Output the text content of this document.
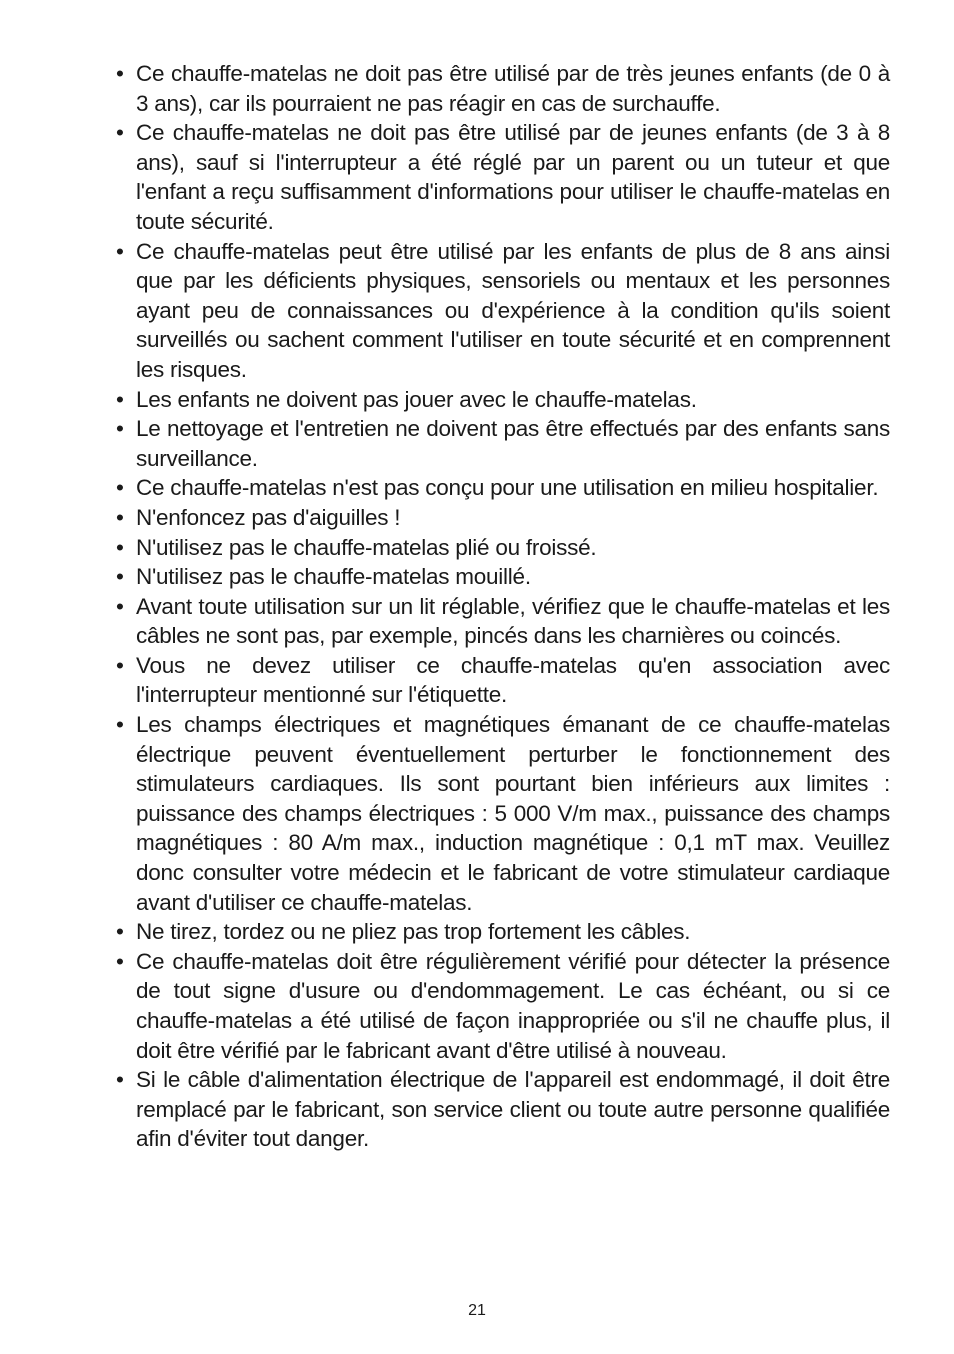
• Ce chauffe-matelas ne doit pas être utilisé par de très jeunes enfants (de 0 à 3 ans), car ils pourraient ne pas réagir en cas de surchauffe.
• Ce chauffe-matelas ne doit pas être utilisé par de jeunes enfants (de 3 à 8 ans), sauf si l'interrupteur a été réglé par un parent ou un tuteur et que l'enfant a reçu suffisamment d'informations pour utiliser le chauffe-matelas en toute sécurité.
• Ce chauffe-matelas peut être utilisé par les enfants de plus de 8 ans ainsi que par les déficients physiques, sensoriels ou mentaux et les personnes ayant peu de connaissances ou d'expérience à la condition qu'ils soient surveillés ou sachent comment l'utiliser en toute sécurité et en comprennent les risques.
• Les enfants ne doivent pas jouer avec le chauffe-matelas.
• Le nettoyage et l'entretien ne doivent pas être effectués par des enfants sans surveillance.
• Ce chauffe-matelas n'est pas conçu pour une utilisation en milieu hospitalier.
• N'enfoncez pas d'aiguilles !
• N'utilisez pas le chauffe-matelas plié ou froissé.
• N'utilisez pas le chauffe-matelas mouillé.
• Avant toute utilisation sur un lit réglable, vérifiez que le chauffe-matelas et les câbles ne sont pas, par exemple, pincés dans les charnières ou coincés.
• Vous ne devez utiliser ce chauffe-matelas qu'en association avec l'interrupteur mentionné sur l'étiquette.
• Les champs électriques et magnétiques émanant de ce chauffe-matelas électrique peuvent éventuellement perturber le fonctionnement des stimulateurs cardiaques. Ils sont pourtant bien inférieurs aux limites : puissance des champs électriques : 5 000 V/m max., puissance des champs magnétiques : 80 A/m max., induction magnétique : 0,1 mT max. Veuillez donc consulter votre médecin et le fabricant de votre stimulateur cardiaque avant d'utiliser ce chauffe-matelas.
• Ne tirez, tordez ou ne pliez pas trop fortement les câbles.
• Ce chauffe-matelas doit être régulièrement vérifié pour détecter la présence de tout signe d'usure ou d'endommagement. Le cas échéant, ou si ce chauffe-matelas a été utilisé de façon inappropriée ou s'il ne chauffe plus, il doit être vérifié par le fabricant avant d'être utilisé à nouveau.
• Si le câble d'alimentation électrique de l'appareil est endommagé, il doit être remplacé par le fabricant, son service client ou toute autre personne qualifiée afin d'éviter tout danger.
21
